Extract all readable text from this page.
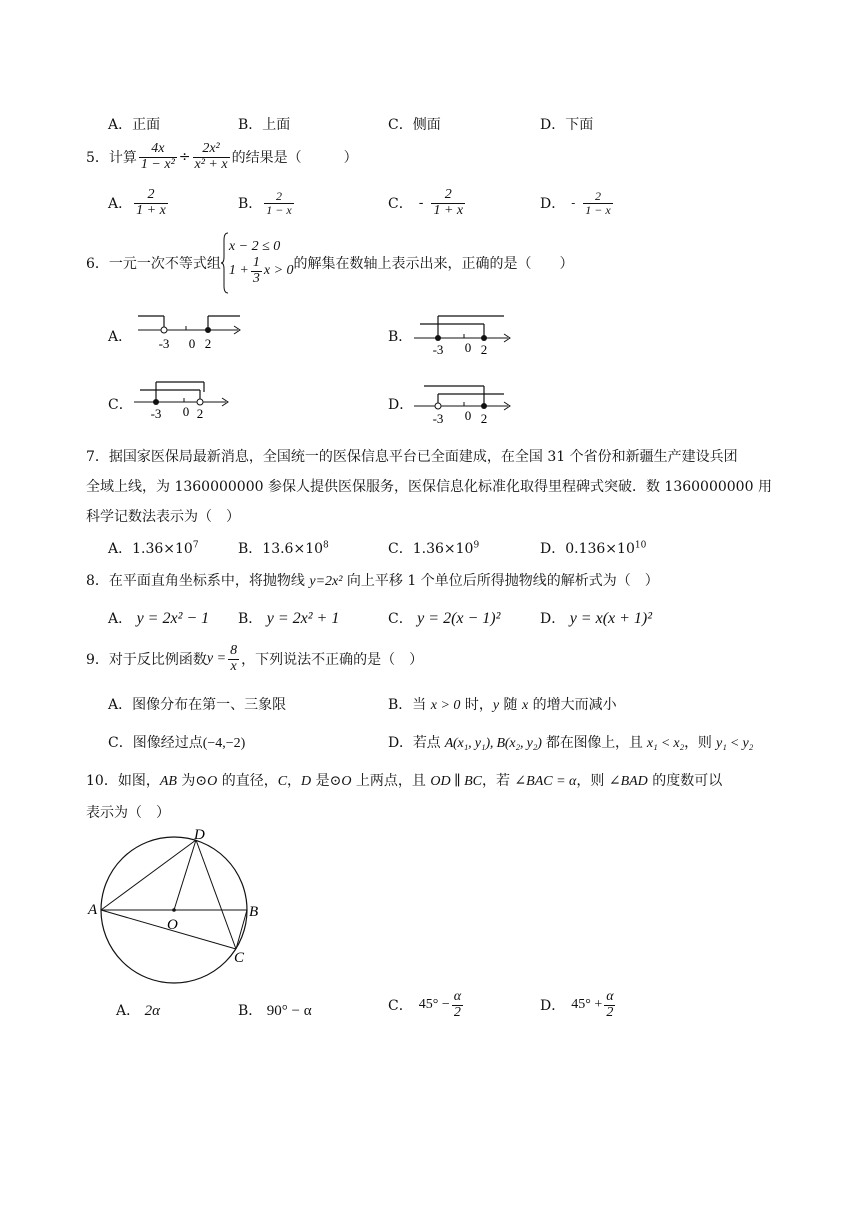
A．正面	B．上面	C．侧面	D．下面
5． 计算 $\frac{4x}{\text{1 − x²}} \div \frac{\text{2x²}}{\text{x² + x}}$ 的结果是（　　　）
A． $\frac{2}{1 + x}$	B． $\frac{2}{1 - x}$	C． - $\frac{2}{1 + x}$	D． - $\frac{2}{1 - x}$
6． 一元一次不等式组
x − 2 ≤ 0
$1 + \frac{1}{3}$ x > 0 的解集在数轴上表示出来，正确的是（　　）
A． -3 0 2	B．
-3 0 2
C．
-3 0 2
D．
-3 0 2
7．据国家医保局最新消息，全国统一的医保信息平台已全面建成，在全国 31 个省份和新疆生产建设兵团
全域上线，为 1360000000 参保人提供医保服务，医保信息化标准化取得里程碑式突破．数 1360000000 用
科学记数法表示为（　）
A．$1.36\times 10^7$	B．$13.6\times 10^8$	C．$1.36\times 10^9$	D．$0.136\times 10^{10}$
8．在平面直角坐标系中，将抛物线 y=2x² 向上平移 1 个单位后所得抛物线的解析式为（　）
A． y = 2x² − 1 B． y = 2x² + 1	C． y = 2(x − 1)²	D． y = x(x + 1)²
9．对于反比例函数 $y = \frac{8}{x}$ ，下列说法不正确的是（　）
A．图像分布在第一、三象限	B．当 x > 0 时，y 随 x 的增大而减小
C．图像经过点(−4,−2)	D．若点 A(x₁, y₁), B(x₂, y₂) 都在图像上，且 x₁ < x₂，则 y₁ < y₂
10．如图，AB 为⊙O 的直径，C，D 是⊙O 上两点，且 OD ∥ BC，若 ∠BAC = α，则 ∠BAD 的度数可以
表示为（　）
A	B
C
D
O
A． 2α	B． 90° − α	C． $45^\circ - \frac{\alpha}{2}$	D． $45^\circ + \frac{\alpha}{2}$
